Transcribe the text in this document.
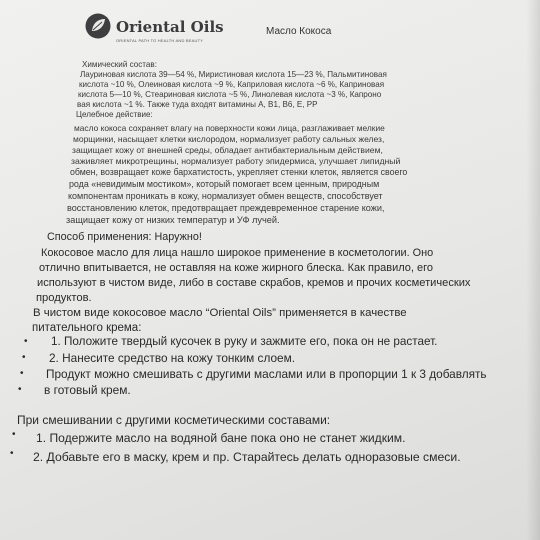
Oriental Oils
ORIENTAL PATH TO HEALTH AND BEAUTY
Масло Кокоса
Химический состав:
Лауриновая кислота 39—54 %, Миристиновая кислота 15—23 %, Пальмитиновая
кислота ~10 %, Олеиновая кислота ~9 %, Каприловая кислота ~6 %, Каприновая
кислота 5—10 %, Стеариновая кислота ~5 %, Линолевая кислота ~3 %, Капроно
вая кислота ~1 %. Также туда входят витамины A, B1, B6, E, PP
Целебное действие:
масло кокоса сохраняет влагу на поверхности кожи лица, разглаживает мелкие
морщинки, насыщает клетки кислородом, нормализует работу сальных желез,
защищает кожу от внешней среды, обладает антибактериальным действием,
заживляет микротрещины, нормализует работу эпидермиса, улучшает липидный
обмен, возвращает коже бархатистость, укрепляет стенки клеток, является своего
рода «невидимым мостиком», который помогает всем ценным, природным
компонентам проникать в кожу, нормализует обмен веществ, способствует
восстановлению клеток, предотвращает преждевременное старение кожи,
защищает кожу от низких температур и УФ лучей.
Способ применения: Наружно!
Кокосовое масло для лица нашло широкое применение в косметологии. Оно
отлично впитывается, не оставляя на коже жирного блеска. Как правило, его
используют в чистом виде, либо в составе скрабов, кремов и прочих косметических
продуктов.
В чистом виде кокосовое масло “Oriental Oils” применяется в качестве
питательного крема:
• 1. Положите твердый кусочек в руку и зажмите его, пока он не растает.
• 2. Нанесите средство на кожу тонким слоем.
• Продукт можно смешивать с другими маслами или в пропорции 1 к 3 добавлять
• в готовый крем.
При смешивании с другими косметическими составами:
• 1. Подержите масло на водяной бане пока оно не станет жидким.
• 2. Добавьте его в маску, крем и пр. Старайтесь делать одноразовые смеси.
